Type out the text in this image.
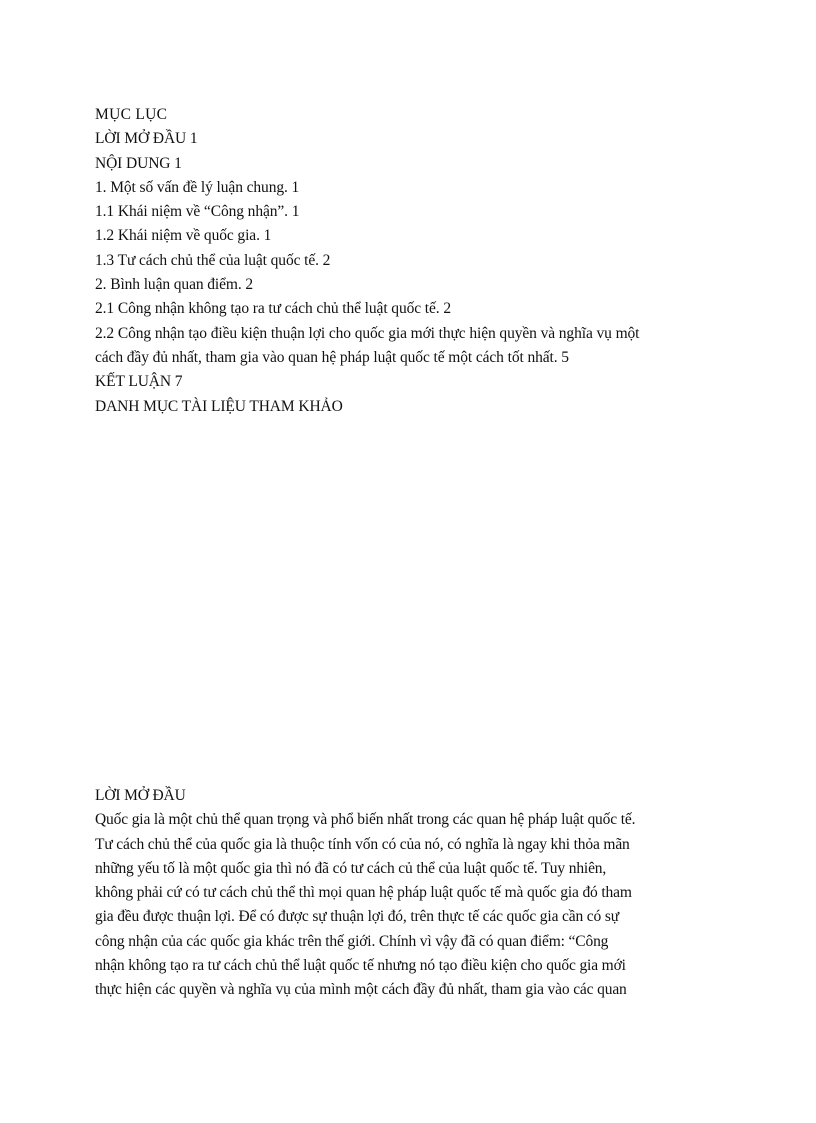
MỤC LỤC
LỜI MỞ ĐẦU 1
NỘI DUNG 1
1. Một số vấn đề lý luận chung. 1
1.1 Khái niệm về “Công nhận”. 1
1.2 Khái niệm về quốc gia. 1
1.3 Tư cách chủ thể của luật quốc tế. 2
2. Bình luận quan điểm. 2
2.1 Công nhận không tạo ra tư cách chủ thể luật quốc tế. 2
2.2 Công nhận tạo điều kiện thuận lợi cho quốc gia mới thực hiện quyền và nghĩa vụ một
cách đầy đủ nhất, tham gia vào quan hệ pháp luật quốc tế một cách tốt nhất. 5
KẾT LUẬN 7
DANH MỤC TÀI LIỆU THAM KHẢO
LỜI MỞ ĐẦU
Quốc gia là một chủ thể quan trọng và phổ biến nhất trong các quan hệ pháp luật quốc tế.
Tư cách chủ thể của quốc gia là thuộc tính vốn có của nó, có nghĩa là ngay khi thỏa mãn
những yếu tố là một quốc gia thì nó đã có tư cách củ thể của luật quốc tế. Tuy nhiên,
không phải cứ có tư cách chủ thể thì mọi quan hệ pháp luật quốc tế mà quốc gia đó tham
gia đều được thuận lợi. Để có được sự thuận lợi đó, trên thực tế các quốc gia cần có sự
công nhận của các quốc gia khác trên thế giới. Chính vì vậy đã có quan điểm: “Công
nhận không tạo ra tư cách chủ thể luật quốc tế nhưng nó tạo điều kiện cho quốc gia mới
thực hiện các quyền và nghĩa vụ của mình một cách đầy đủ nhất, tham gia vào các quan
